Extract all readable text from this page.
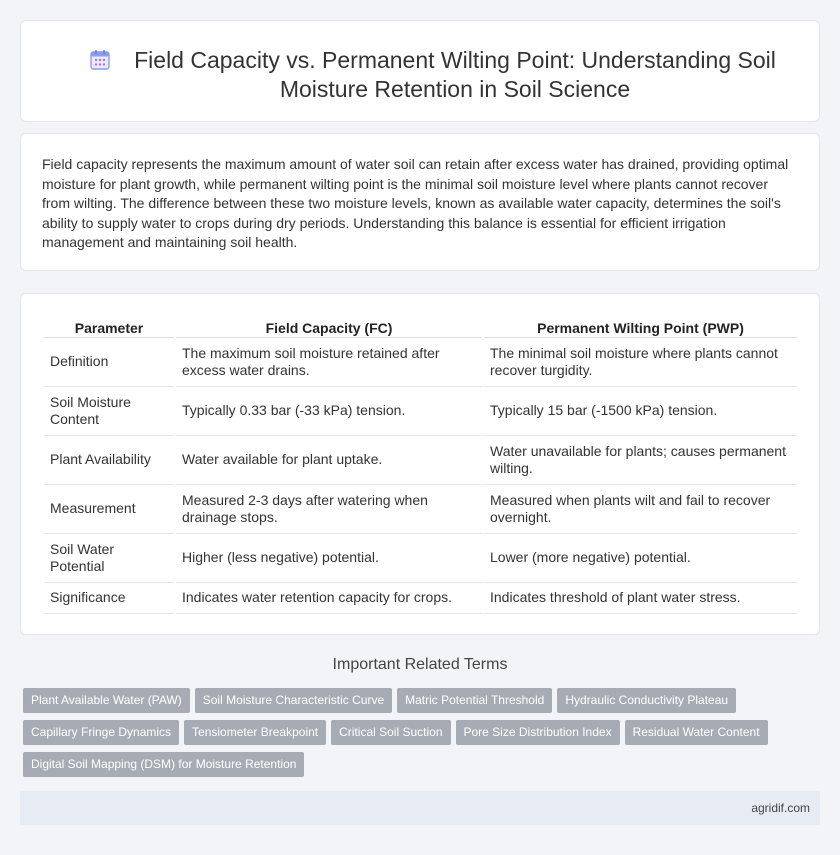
Field Capacity vs. Permanent Wilting Point: Understanding Soil Moisture Retention in Soil Science

Field capacity represents the maximum amount of water soil can retain after excess water has drained, providing optimal moisture for plant growth, while permanent wilting point is the minimal soil moisture level where plants cannot recover from wilting. The difference between these two moisture levels, known as available water capacity, determines the soil's ability to supply water to crops during dry periods. Understanding this balance is essential for efficient irrigation management and maintaining soil health.

Parameter	Field Capacity (FC)	Permanent Wilting Point (PWP)
Definition	The maximum soil moisture retained after excess water drains.	The minimal soil moisture where plants cannot recover turgidity.
Soil Moisture Content	Typically 0.33 bar (-33 kPa) tension.	Typically 15 bar (-1500 kPa) tension.
Plant Availability	Water available for plant uptake.	Water unavailable for plants; causes permanent wilting.
Measurement	Measured 2-3 days after watering when drainage stops.	Measured when plants wilt and fail to recover overnight.
Soil Water Potential	Higher (less negative) potential.	Lower (more negative) potential.
Significance	Indicates water retention capacity for crops.	Indicates threshold of plant water stress.
Important Related Terms
Plant Available Water (PAW) Soil Moisture Characteristic Curve Matric Potential Threshold Hydraulic Conductivity Plateau
Capillary Fringe Dynamics Tensiometer Breakpoint Critical Soil Suction Pore Size Distribution Index Residual Water Content
Digital Soil Mapping (DSM) for Moisture Retention
agridif.com
